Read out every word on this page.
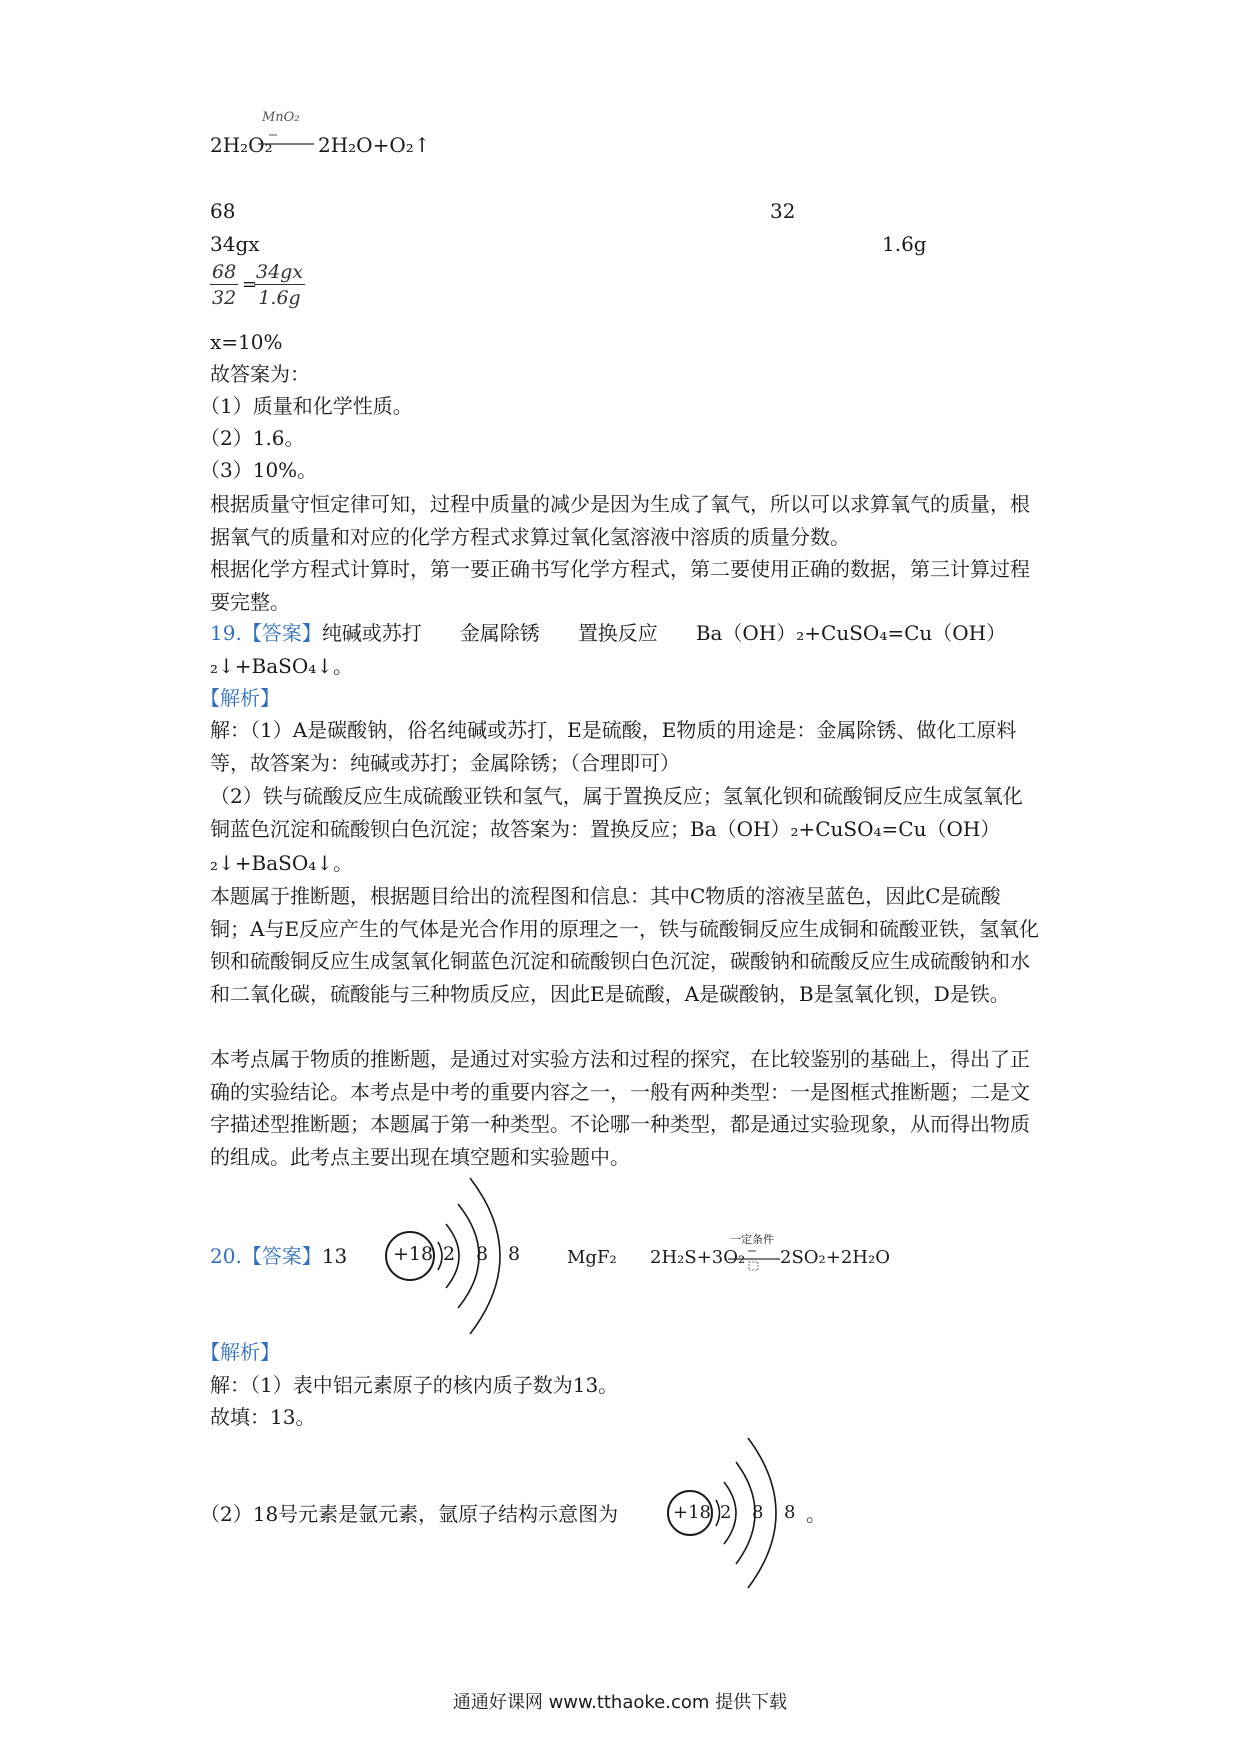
MnO₂
2H₂O₂ 2H₂O+O₂↑
68	32
34gx	1.6g
$\frac{68}{32}$ =
$\frac{34gx}{1.6g}$
x=10%
故答案为：
（1）质量和化学性质。
（2）1.6。
（3）10%。
根据质量守恒定律可知，过程中质量的减少是因为生成了氧气，所以可以求算氧气的质量，根据氧气的质量和对应的化学方程式求算过氧化氢溶液中溶质的质量分数。
根据化学方程式计算时，第一要正确书写化学方程式，第二要使用正确的数据，第三计算过程要完整。
19.【答案】纯碱或苏打 金属除锈 置换反应 Ba（OH）₂+CuSO₄=Cu（OH）
₂↓+BaSO₄↓。
【解析】
解：（1）A是碳酸钠，俗名纯碱或苏打，E是硫酸，E物质的用途是：金属除锈、做化工原料等，故答案为：纯碱或苏打；金属除锈；（合理即可）
（2）铁与硫酸反应生成硫酸亚铁和氢气，属于置换反应；氢氧化钡和硫酸铜反应生成氢氧化铜蓝色沉淀和硫酸钡白色沉淀；故答案为：置换反应；Ba（OH）₂+CuSO₄=Cu（OH）
₂↓+BaSO₄↓。
本题属于推断题，根据题目给出的流程图和信息：其中C物质的溶液呈蓝色，因此C是硫酸铜；A与E反应产生的气体是光合作用的原理之一，铁与硫酸铜反应生成铜和硫酸亚铁，氢氧化钡和硫酸铜反应生成氢氧化铜蓝色沉淀和硫酸钡白色沉淀，碳酸钠和硫酸反应生成硫酸钠和水和二氧化碳，硫酸能与三种物质反应，因此E是硫酸，A是碳酸钠，B是氢氧化钡，D是铁。
本考点属于物质的推断题，是通过对实验方法和过程的探究，在比较鉴别的基础上，得出了正确的实验结论。本考点是中考的重要内容之一，一般有两种类型：一是图框式推断题；二是文字描述型推断题；本题属于第一种类型。不论哪一种类型，都是通过实验现象，从而得出物质的组成。此考点主要出现在填空题和实验题中。
20.【答案】13 +18 2 8 8	MgF₂ 2H₂S+3O₂
一定条件
2SO₂+2H₂O
【解析】
解：（1）表中铝元素原子的核内质子数为13。
故填：13。
（2）18号元素是氩元素，氩原子结构示意图为	+18 2 8 8 。
通通好课网 www.tthaoke.com 提供下载
